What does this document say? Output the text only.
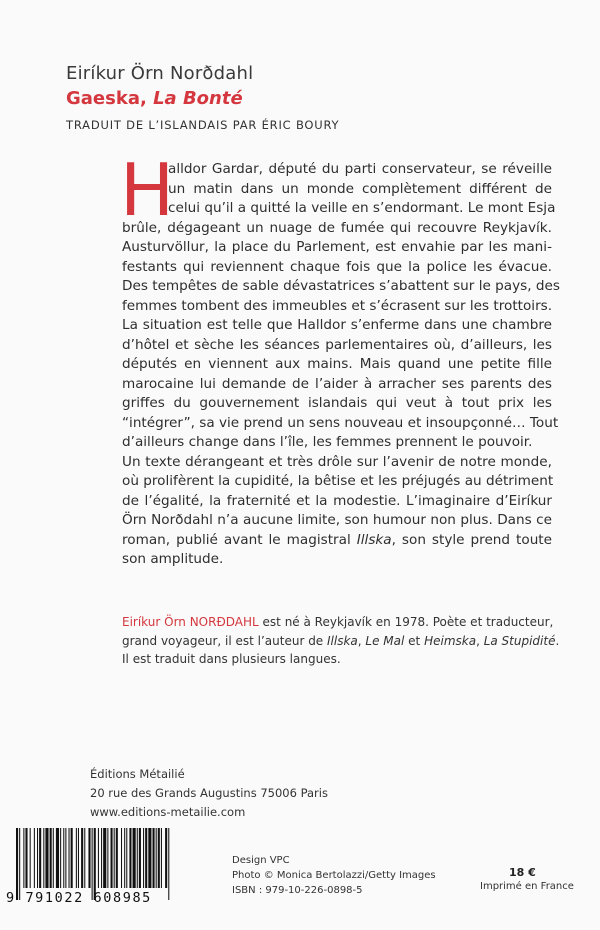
Eiríkur Örn Norðdahl
Gaeska, La Bonté
TRADUIT DE L’ISLANDAIS PAR ÉRIC BOURY
H
alldor Gardar, député du parti conservateur, se réveille
un matin dans un monde complètement différent de
celui qu’il a quitté la veille en s’endormant. Le mont Esja
brûle, dégageant un nuage de fumée qui recouvre Reykjavík.
Austurvöllur, la place du Parlement, est envahie par les mani-
festants qui reviennent chaque fois que la police les évacue.
Des tempêtes de sable dévastatrices s’abattent sur le pays, des
femmes tombent des immeubles et s’écrasent sur les trottoirs.
La situation est telle que Halldor s’enferme dans une chambre
d’hôtel et sèche les séances parlementaires où, d’ailleurs, les
députés en viennent aux mains. Mais quand une petite fille
marocaine lui demande de l’aider à arracher ses parents des
griffes du gouvernement islandais qui veut à tout prix les
“intégrer”, sa vie prend un sens nouveau et insoupçonné… Tout
d’ailleurs change dans l’île, les femmes prennent le pouvoir.
Un texte dérangeant et très drôle sur l’avenir de notre monde,
où prolifèrent la cupidité, la bêtise et les préjugés au détriment
de l’égalité, la fraternité et la modestie. L’imaginaire d’Eiríkur
Örn Norðdahl n’a aucune limite, son humour non plus. Dans ce
roman, publié avant le magistral Illska, son style prend toute
son amplitude.
Eiríkur Örn NORÐDAHL est né à Reykjavík en 1978. Poète et traducteur,
grand voyageur, il est l’auteur de Illska, Le Mal et Heimska, La Stupidité.
Il est traduit dans plusieurs langues.
Éditions Métailié
20 rue des Grands Augustins 75006 Paris
www.editions-metailie.com
9 791022 608985
Design VPC
Photo © Monica Bertolazzi/Getty Images
ISBN : 979-10-226-0898-5
18 €
Imprimé en France
